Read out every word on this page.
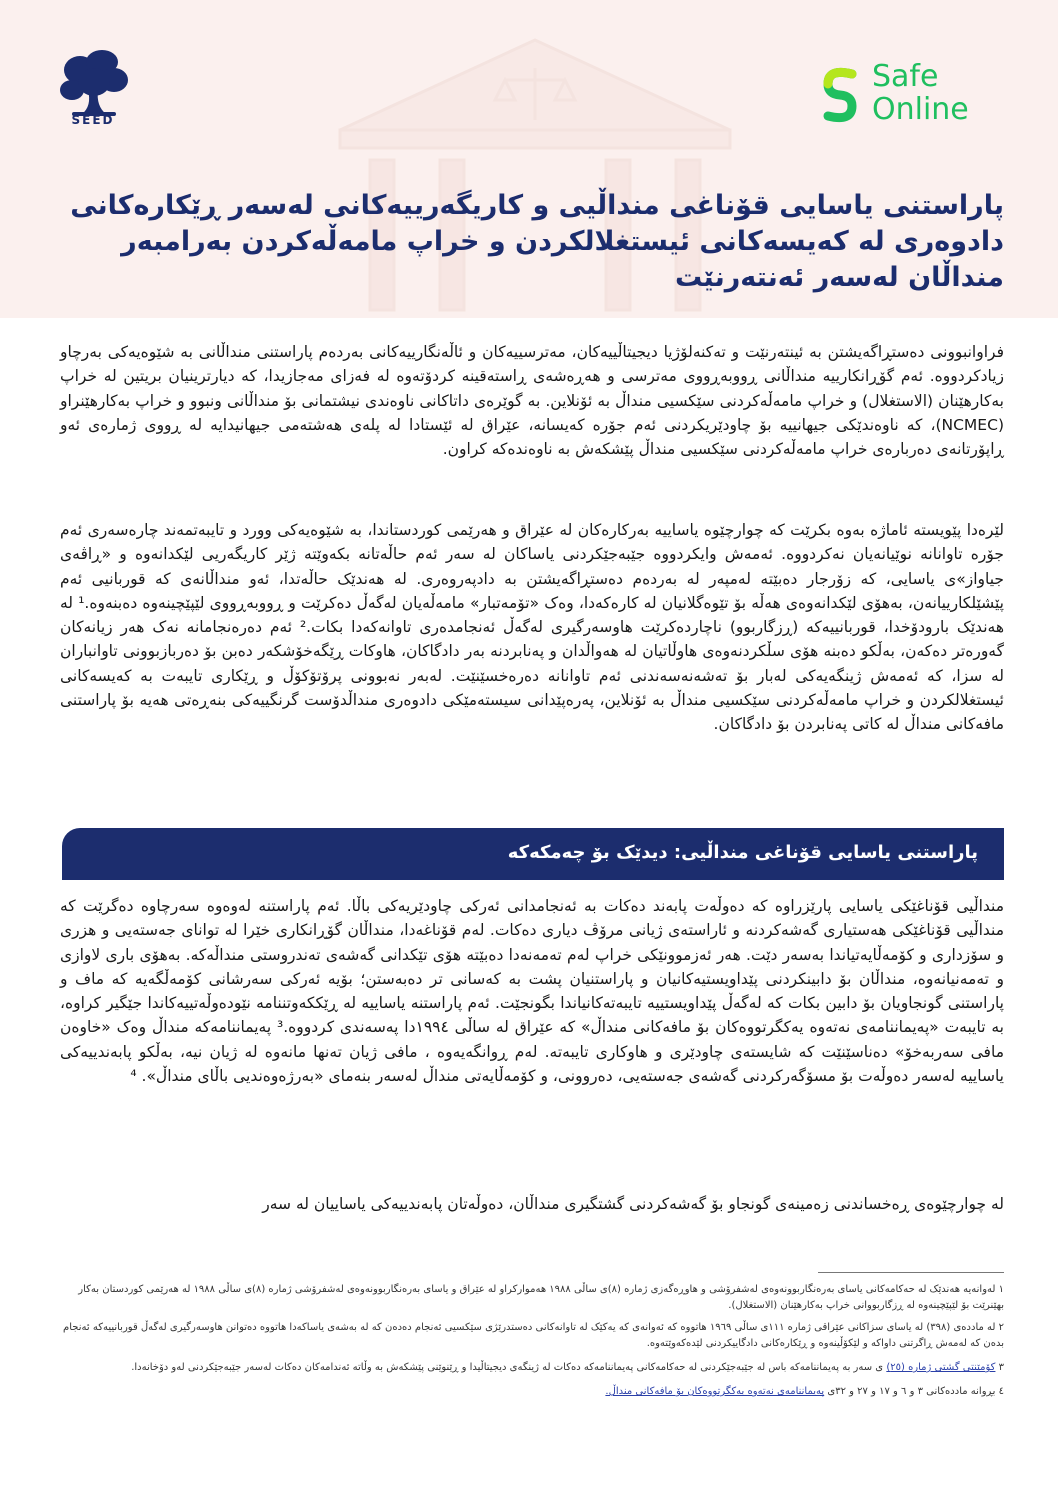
SEED
Safe
Online
پاراستنی یاسایی قۆناغی منداڵیی و کاریگەرییەکانی لەسەر ڕێکارەکانی دادوەری لە کەیسەکانی ئیستغلالکردن و خراپ مامەڵەکردن بەرامبەر منداڵان لەسەر ئەنتەرنێت

فراوانبوونی دەستڕاگەیشتن بە ئینتەرنێت و تەکنەلۆژیا دیجیتاڵییەکان، مەترسییەکان و ئاڵەنگارییەکانی بەردەم پاراستنی منداڵانی بە شێوەیەکی بەرچاو زیادکردووە. ئەم گۆڕانکارییە منداڵانی ڕووبەڕووی مەترسی و هەڕەشەی ڕاستەقینە کردۆتەوە لە فەزای مەجازیدا، کە دیارترینیان بریتین لە خراپ بەکارهێنان (الاستغلال) و خراپ مامەڵەکردنی سێکسیی منداڵ بە ئۆنلاین. بە گوێرەی داتاکانی ناوەندی نیشتمانی بۆ منداڵانی ونبوو و خراپ بەکارهێنراو (NCMEC)، کە ناوەندێکی جیهانییە بۆ چاودێریکردنی ئەم جۆرە کەیسانە، عێراق لە ئێستادا لە پلەی هەشتەمی جیهانیدایە لە ڕووی ژمارەی ئەو ڕاپۆرتانەی دەربارەی خراپ مامەڵەکردنی سێکسیی منداڵ پێشکەش بە ناوەندەکە کراون.

لێرەدا پێویستە ئاماژە بەوە بکرێت کە چوارچێوە یاساییە بەرکارەکان لە عێراق و هەرێمی کوردستاندا، بە شێوەیەکی وورد و تایبەتمەند چارەسەری ئەم جۆرە تاوانانە نوێیانەیان نەکردووە. ئەمەش وایکردووە جێبەجێکردنی یاساکان لە سەر ئەم حاڵەتانە بکەوێتە ژێر کاریگەریی لێکدانەوە و «ڕاڤەی جیاواز»ی یاسایی، کە زۆرجار دەبێتە لەمپەر لە بەردەم دەستڕاگەیشتن بە دادپەروەری. لە هەندێک حاڵەتدا، ئەو منداڵانەی کە قوربانیی ئەم پێشێلکارییانەن، بەهۆی لێکدانەوەی هەڵە بۆ تێوەگلانیان لە کارەکەدا، وەک «تۆمەتبار» مامەڵەیان لەگەڵ دەکرێت و ڕووبەڕووی لێپێچینەوە دەبنەوە.¹ لە هەندێک بارودۆخدا، قوربانییەکە (ڕزگاربوو) ناچاردەکرێت هاوسەرگیری لەگەڵ ئەنجامدەری تاوانەکەدا بکات.² ئەم دەرەنجامانە نەک هەر زیانەکان گەورەتر دەکەن، بەڵکو دەبنە هۆی سڵکردنەوەی هاوڵاتیان لە هەواڵدان و پەنابردنە بەر دادگاکان، هاوکات ڕێگەخۆشکەر دەبن بۆ دەربازبوونی تاوانباران لە سزا، کە ئەمەش ژینگەیەکی لەبار بۆ تەشەنەسەندنی ئەم تاوانانە دەرەخسێنێت. لەبەر نەبوونی پرۆتۆکۆڵ و ڕێکاری تایبەت بە کەیسەکانی ئیستغلالکردن و خراپ مامەڵەکردنی سێکسیی منداڵ بە ئۆنلاین، پەرەپێدانی سیستەمێکی دادوەری منداڵدۆست گرنگییەکی بنەڕەتی هەیە بۆ پاراستنی مافەکانی منداڵ لە کاتی پەنابردن بۆ دادگاکان.

پاراستنی یاسایی قۆناغی منداڵیی: دیدێک بۆ چەمکەکە

منداڵیی قۆناغێکی یاسایی پارێزراوە کە دەوڵەت پابەند دەکات بە ئەنجامدانی ئەرکی چاودێریەکی باڵا. ئەم پاراستنە لەوەوە سەرچاوە دەگرێت کە منداڵیی قۆناغێکی هەستیاری گەشەکردنە و ئاراستەی ژیانی مرۆڤ دیاری دەکات. لەم قۆناغەدا، منداڵان گۆڕانکاری خێرا لە تواناى جەستەیی و هزری و سۆزداری و کۆمەڵایەتیاندا بەسەر دێت. هەر ئەزموونێکی خراپ لەم تەمەنەدا دەبێتە هۆی تێکدانی گەشەی تەندروستی منداڵەکە. بەهۆی باری لاوازی و تەمەنیانەوە، منداڵان بۆ دابینکردنی پێداویستیەکانیان و پاراستنیان پشت بە کەسانی تر دەبەستن؛ بۆیە ئەرکی سەرشانی کۆمەڵگەیە کە ماف و پاراستنی گونجاویان بۆ دابین بکات کە لەگەڵ پێداویستییە تایبەتەکانیاندا بگونجێت. ئەم پاراستنە یاساییە لە ڕێککەوتننامە نێودەوڵەتییەکاندا جێگیر کراوە، بە تایبەت «پەیماننامەی نەتەوە یەکگرتووەکان بۆ مافەکانی منداڵ» کە عێراق لە ساڵی ١٩٩٤دا پەسەندی کردووە.³ پەیماننامەکە منداڵ وەک «خاوەن مافی سەربەخۆ» دەناسێنێت کە شایستەی چاودێری و هاوکاری تایبەتە. لەم ڕوانگەیەوە ، مافی ژیان تەنها مانەوە لە ژیان نیە، بەڵکو پابەندییەکی یاساییە لەسەر دەوڵەت بۆ مسۆگەرکردنی گەشەی جەستەیی، دەروونی، و کۆمەڵایەتی منداڵ لەسەر بنەمای «بەرژەوەندیی باڵای منداڵ». ⁴

لە چوارچێوەی ڕەخساندنی زەمینەی گونجاو بۆ گەشەکردنی گشتگیری منداڵان، دەوڵەتان پابەندییەکی یاساییان لە سەر

١ لەوانەیە هەندێک لە حەکامەکانی یاسای بەرەنگاربوونەوەی لەشفرۆشی و هاوڕەگەزی ژمارە (٨)ی ساڵی ١٩٨٨ هەموارکراو لە عێراق و یاسای بەرەنگاربوونەوەی لەشفرۆشی ژمارە (٨)ی ساڵی ١٩٨٨ لە هەرێمی کوردستان بەکار بهێنرێت بۆ لێپێچینەوە لە ڕزگاربووانی خراپ بەکارهێنان (الاستغلال).

٢ لە ماددەی (٣٩٨) لە یاسای سزاکانی عێراقی ژمارە ١١١ی ساڵی ١٩٦٩ هاتووە کە ئەوانەی کە یەکێک لە تاوانەکانی دەستدرێژی سێکسیی ئەنجام دەدەن کە لە بەشەی یاساکەدا هاتووە دەتوانن هاوسەرگیری لەگەڵ قوربانییەکە ئەنجام بدەن کە لەمەش ڕاگرتنی داواکە و لێکۆڵینەوە و ڕێکارەکانی دادگاییکردنی لێدەکەوێتەوە.

٣ کۆمێنتی گشتی ژمارە (٢٥) ی سەر بە پەیماننامەکە باس لە جێبەجێکردنی لە حەکامەکانی پەیماننامەکە دەکات لە ژینگەی دیجیتاڵیدا و ڕێنوێنی پێشکەش بە وڵاتە ئەندامەکان دەکات لەسەر جێبەجێکردنی لەو دۆخانەدا.

٤ بڕوانە ماددەکانی ٣ و ٦ و ١٧ و ٢٧ و ٣٢ی پەیماننامەی نەتەوە یەکگرتووەکان بۆ مافەکانی منداڵ.
